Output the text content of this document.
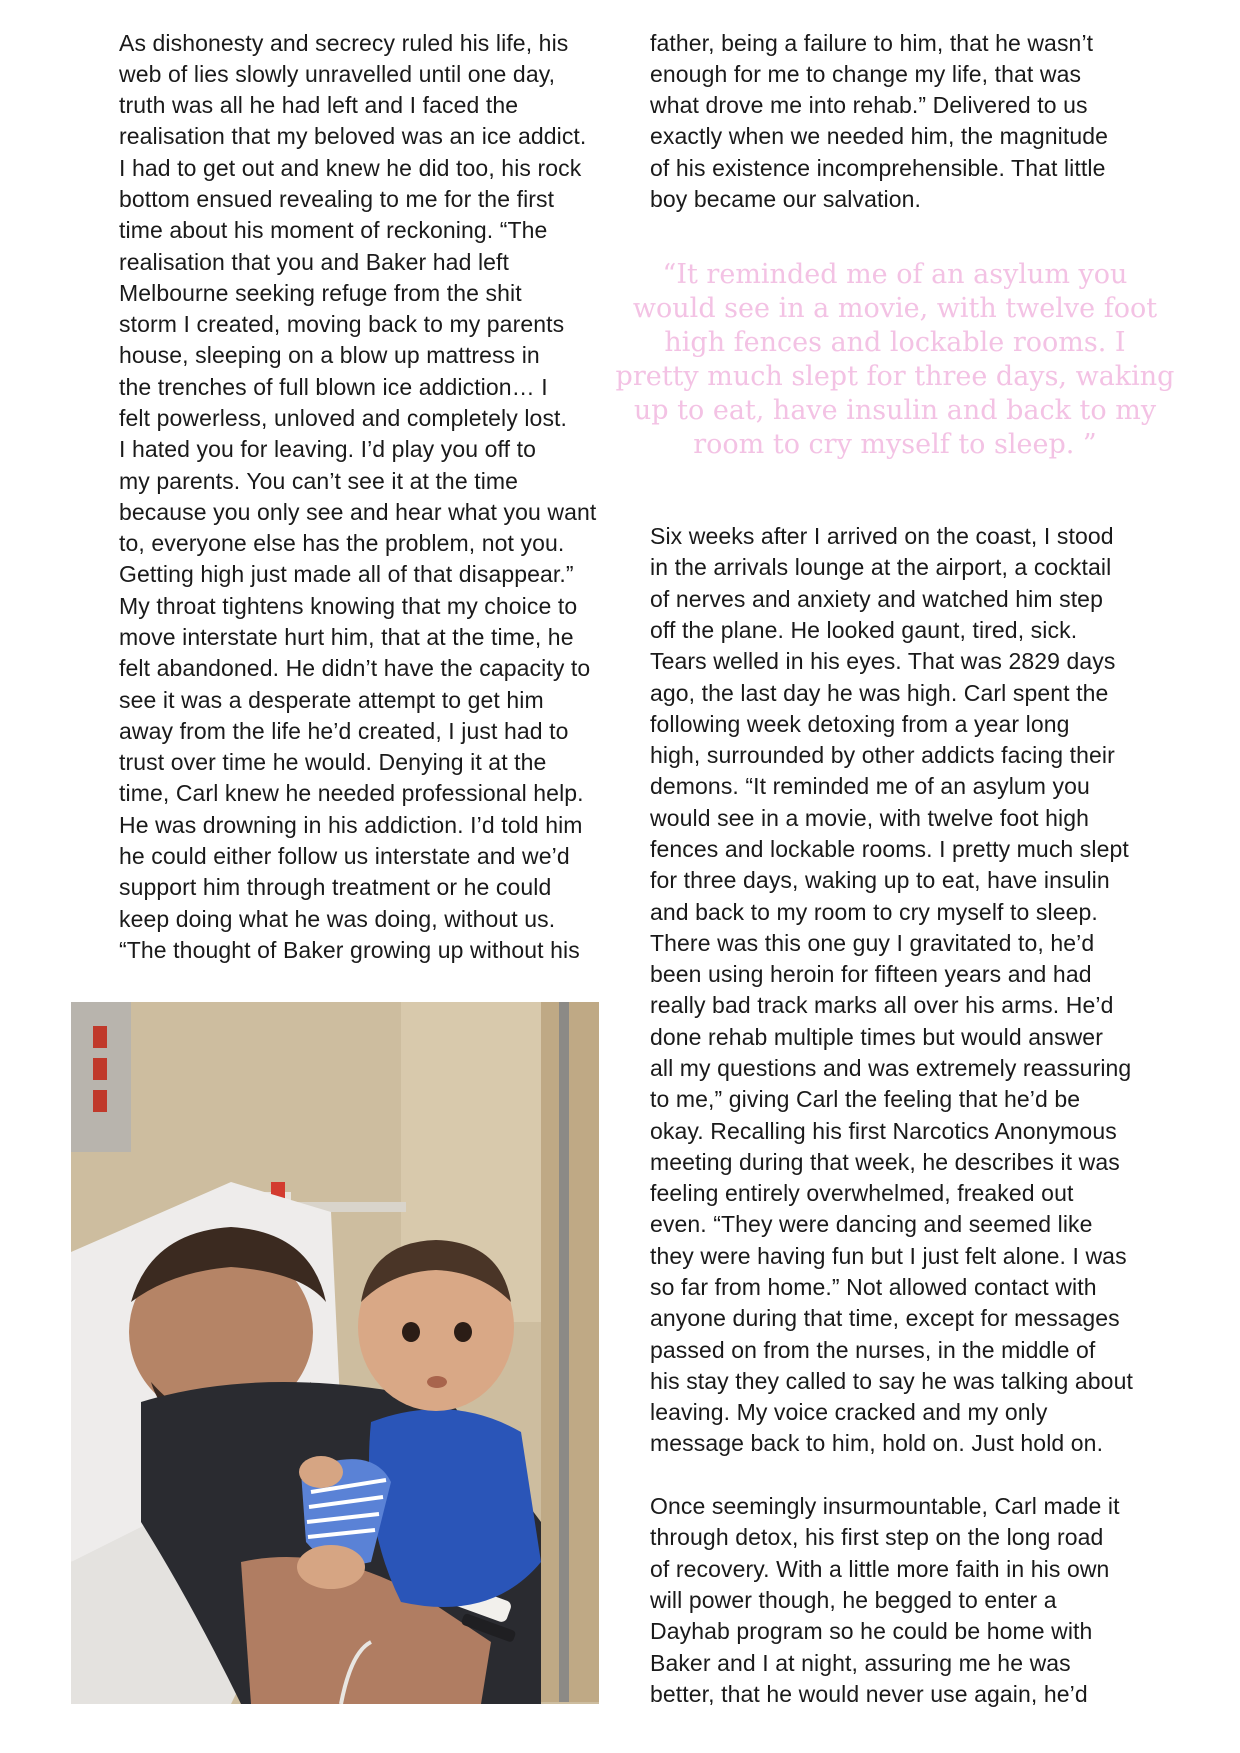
As dishonesty and secrecy ruled his life, his
web of lies slowly unravelled until one day,
truth was all he had left and I faced the
realisation that my beloved was an ice addict.
I had to get out and knew he did too, his rock
bottom ensued revealing to me for the first
time about his moment of reckoning. “The
realisation that you and Baker had left
Melbourne seeking refuge from the shit
storm I created, moving back to my parents
house, sleeping on a blow up mattress in
the trenches of full blown ice addiction… I
felt powerless, unloved and completely lost.
I hated you for leaving. I’d play you off to
my parents. You can’t see it at the time
because you only see and hear what you want
to, everyone else has the problem, not you.
Getting high just made all of that disappear.”
My throat tightens knowing that my choice to
move interstate hurt him, that at the time, he
felt abandoned. He didn’t have the capacity to
see it was a desperate attempt to get him
away from the life he’d created, I just had to
trust over time he would. Denying it at the
time, Carl knew he needed professional help.
He was drowning in his addiction. I’d told him
he could either follow us interstate and we’d
support him through treatment or he could
keep doing what he was doing, without us.
“The thought of Baker growing up without his
father, being a failure to him, that he wasn’t
enough for me to change my life, that was
what drove me into rehab.” Delivered to us
exactly when we needed him, the magnitude
of his existence incomprehensible. That little
boy became our salvation.
“It reminded me of an asylum you
would see in a movie, with twelve foot
high fences and lockable rooms. I
pretty much slept for three days, waking
up to eat, have insulin and back to my
room to cry myself to sleep. ”
Six weeks after I arrived on the coast, I stood
in the arrivals lounge at the airport, a cocktail
of nerves and anxiety and watched him step
off the plane. He looked gaunt, tired, sick.
Tears welled in his eyes. That was 2829 days
ago, the last day he was high. Carl spent the
following week detoxing from a year long
high, surrounded by other addicts facing their
demons. “It reminded me of an asylum you
would see in a movie, with twelve foot high
fences and lockable rooms. I pretty much slept
for three days, waking up to eat, have insulin
and back to my room to cry myself to sleep.
There was this one guy I gravitated to, he’d
been using heroin for fifteen years and had
really bad track marks all over his arms. He’d
done rehab multiple times but would answer
all my questions and was extremely reassuring
to me,” giving Carl the feeling that he’d be
okay. Recalling his first Narcotics Anonymous
meeting during that week, he describes it was
feeling entirely overwhelmed, freaked out
even. “They were dancing and seemed like
they were having fun but I just felt alone. I was
so far from home.” Not allowed contact with
anyone during that time, except for messages
passed on from the nurses, in the middle of
his stay they called to say he was talking about
leaving. My voice cracked and my only
message back to him, hold on. Just hold on.
Once seemingly insurmountable, Carl made it
through detox, his first step on the long road
of recovery. With a little more faith in his own
will power though, he begged to enter a
Dayhab program so he could be home with
Baker and I at night, assuring me he was
better, that he would never use again, he’d
